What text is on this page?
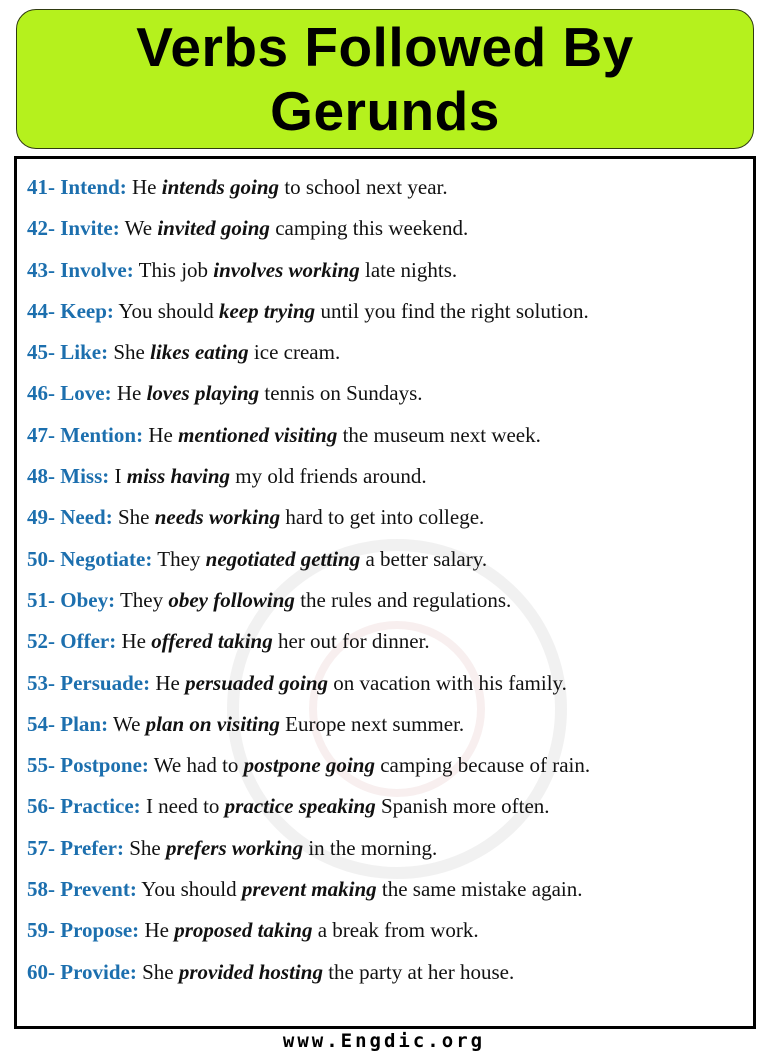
Verbs Followed By Gerunds
41- Intend: He intends going to school next year.
42- Invite: We invited going camping this weekend.
43- Involve: This job involves working late nights.
44- Keep: You should keep trying until you find the right solution.
45- Like: She likes eating ice cream.
46- Love: He loves playing tennis on Sundays.
47- Mention: He mentioned visiting the museum next week.
48- Miss: I miss having my old friends around.
49- Need: She needs working hard to get into college.
50- Negotiate: They negotiated getting a better salary.
51- Obey: They obey following the rules and regulations.
52- Offer: He offered taking her out for dinner.
53- Persuade: He persuaded going on vacation with his family.
54- Plan: We plan on visiting Europe next summer.
55- Postpone: We had to postpone going camping because of rain.
56- Practice: I need to practice speaking Spanish more often.
57- Prefer: She prefers working in the morning.
58- Prevent: You should prevent making the same mistake again.
59- Propose: He proposed taking a break from work.
60- Provide: She provided hosting the party at her house.
www.Engdic.org
